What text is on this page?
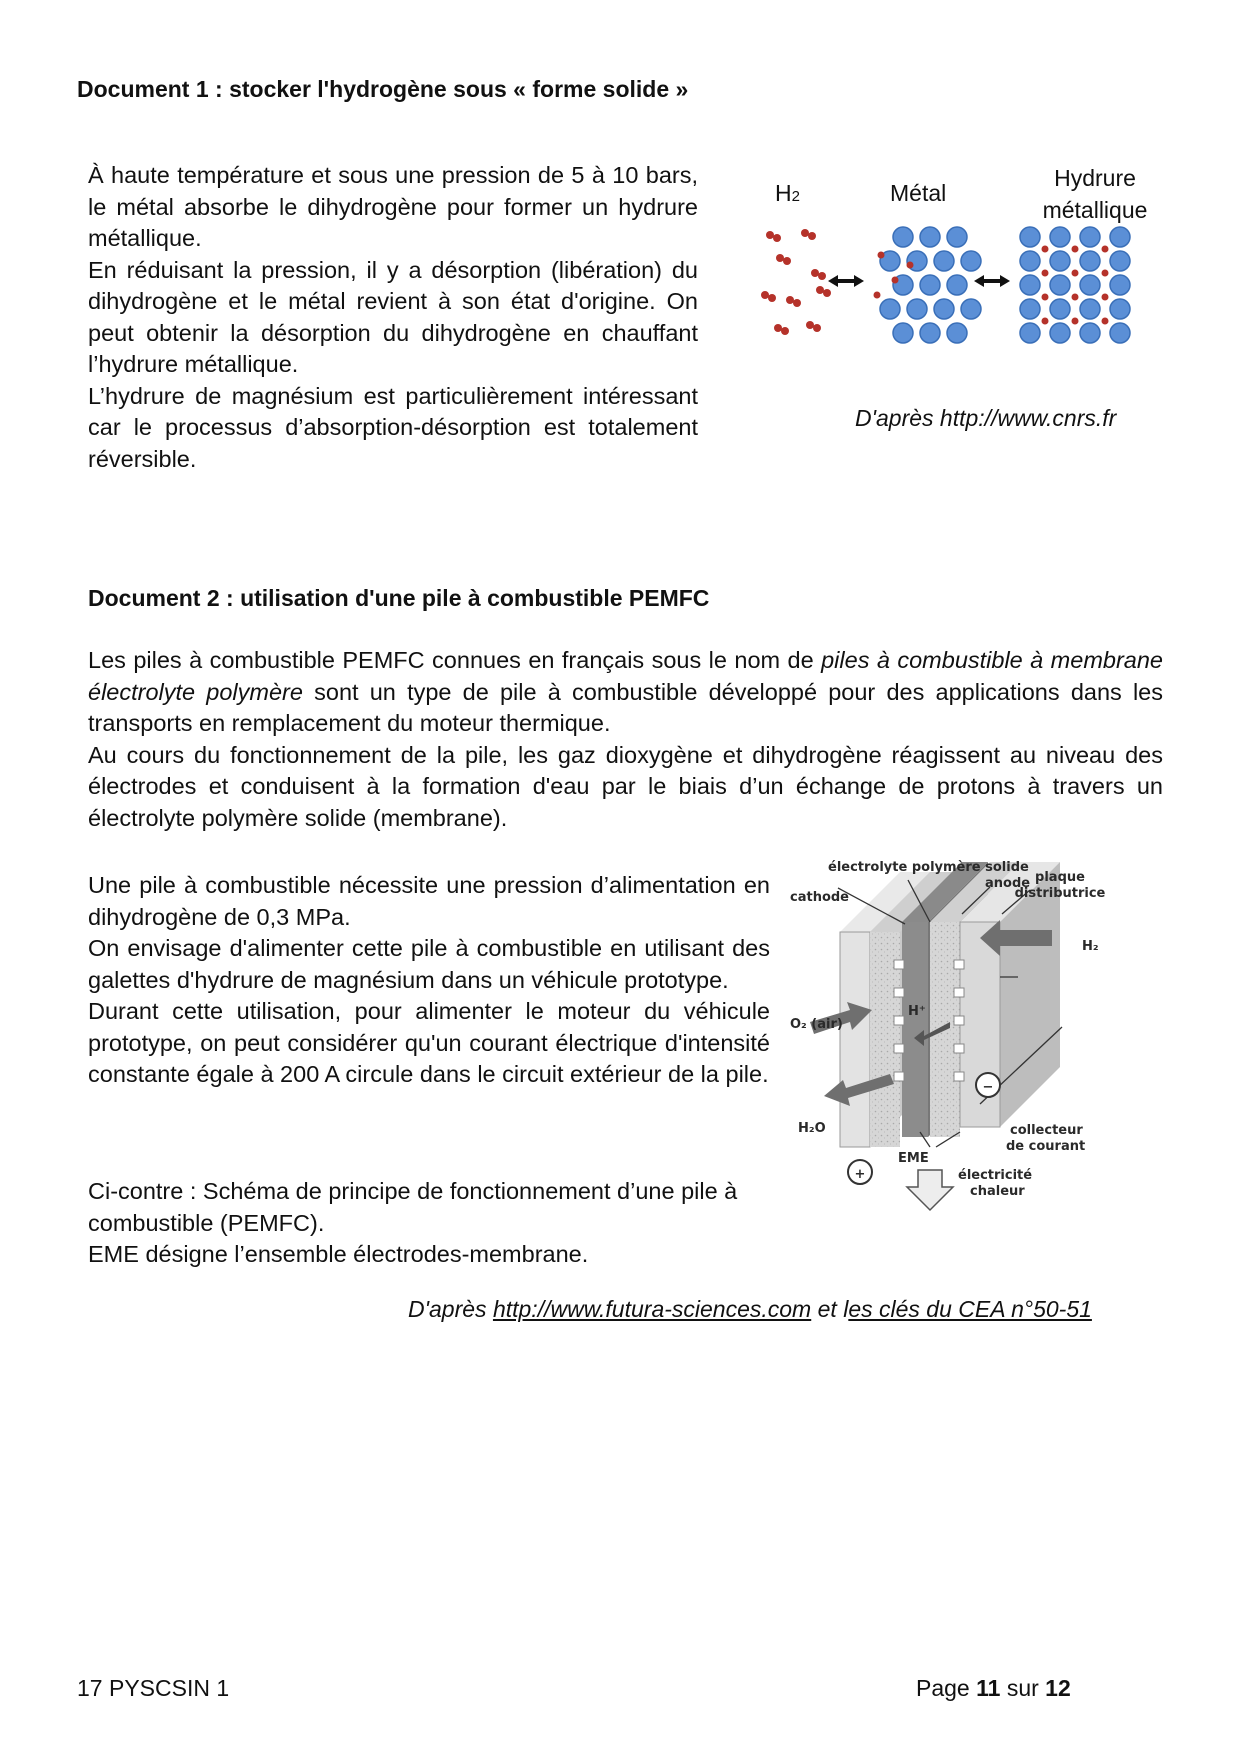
Document 1 : stocker l'hydrogène sous « forme solide »

À haute température et sous une pression de 5 à 10 bars, le métal absorbe le dihydrogène pour former un hydrure métallique.

En réduisant la pression, il y a désorption (libération) du dihydrogène et le métal revient à son état d'origine. On peut obtenir la désorption du dihydrogène en chauffant l’hydrure métallique.

L’hydrure de magnésium est particulièrement intéressant car le processus d’absorption-désorption est totalement réversible.

H2	Métal
Hydrure
métallique
D'après http://www.cnrs.fr
Document 2 : utilisation d'une pile à combustible PEMFC

Les piles à combustible PEMFC connues en français sous le nom de piles à combustible à membrane électrolyte polymère sont un type de pile à combustible développé pour des applications dans les transports en remplacement du moteur thermique.

Au cours du fonctionnement de la pile, les gaz dioxygène et dihydrogène réagissent au niveau des électrodes et conduisent à la formation d'eau par le biais d’un échange de protons à travers un électrolyte polymère solide (membrane).

Une pile à combustible nécessite une pression d’alimentation en dihydrogène de 0,3 MPa.

On envisage d'alimenter cette pile à combustible en utilisant des galettes d'hydrure de magnésium dans un véhicule prototype.

Durant cette utilisation, pour alimenter le moteur du véhicule prototype, on peut considérer qu'un courant électrique d'intensité constante égale à 200 A circule dans le circuit extérieur de la pile.

Ci-contre : Schéma de principe de fonctionnement d’une pile à combustible (PEMFC).

EME désigne l’ensemble électrodes-membrane.

−
+
électrolyte polymère solide
cathode
anode plaque
distributrice
H₂
O₂ (air)
H⁺
H₂O
EME
collecteur
de courant
électricité
chaleur
D'après http://www.futura-sciences.com et les clés du CEA n°50-51
17 PYSCSIN 1	Page 11 sur 12
